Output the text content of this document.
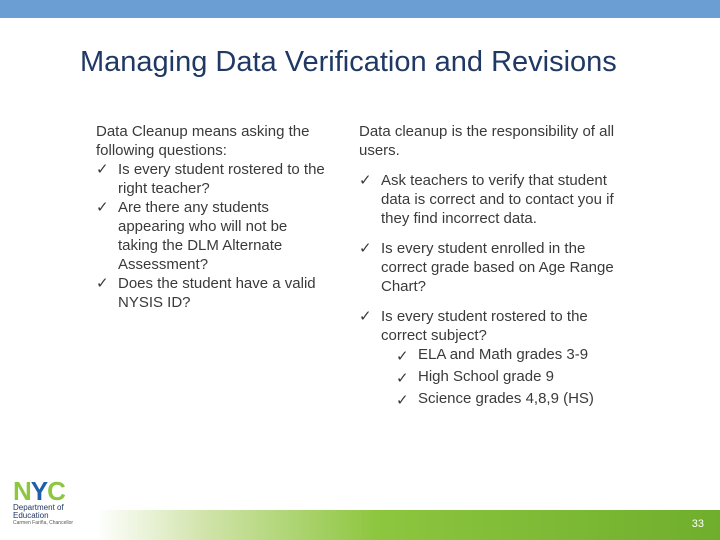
Managing Data Verification and Revisions
Data Cleanup means asking the
following questions:
✓ Is every student rostered to the
right teacher?
✓ Are there any students
appearing who will not be
taking the DLM Alternate
Assessment?
✓ Does the student have a valid
NYSIS ID?
Data cleanup is the responsibility of all
users.
✓ Ask teachers to verify that student
data is correct and to contact you if
they find incorrect data.
✓ Is every student enrolled in the
correct grade based on Age Range
Chart?
✓ Is every student rostered to the
correct subject?
✓ ELA and Math grades 3-9
✓ High School grade 9
✓ Science grades 4,8,9 (HS)
NYC
Department of
Education
Carmen Fariña, Chancellor	33
